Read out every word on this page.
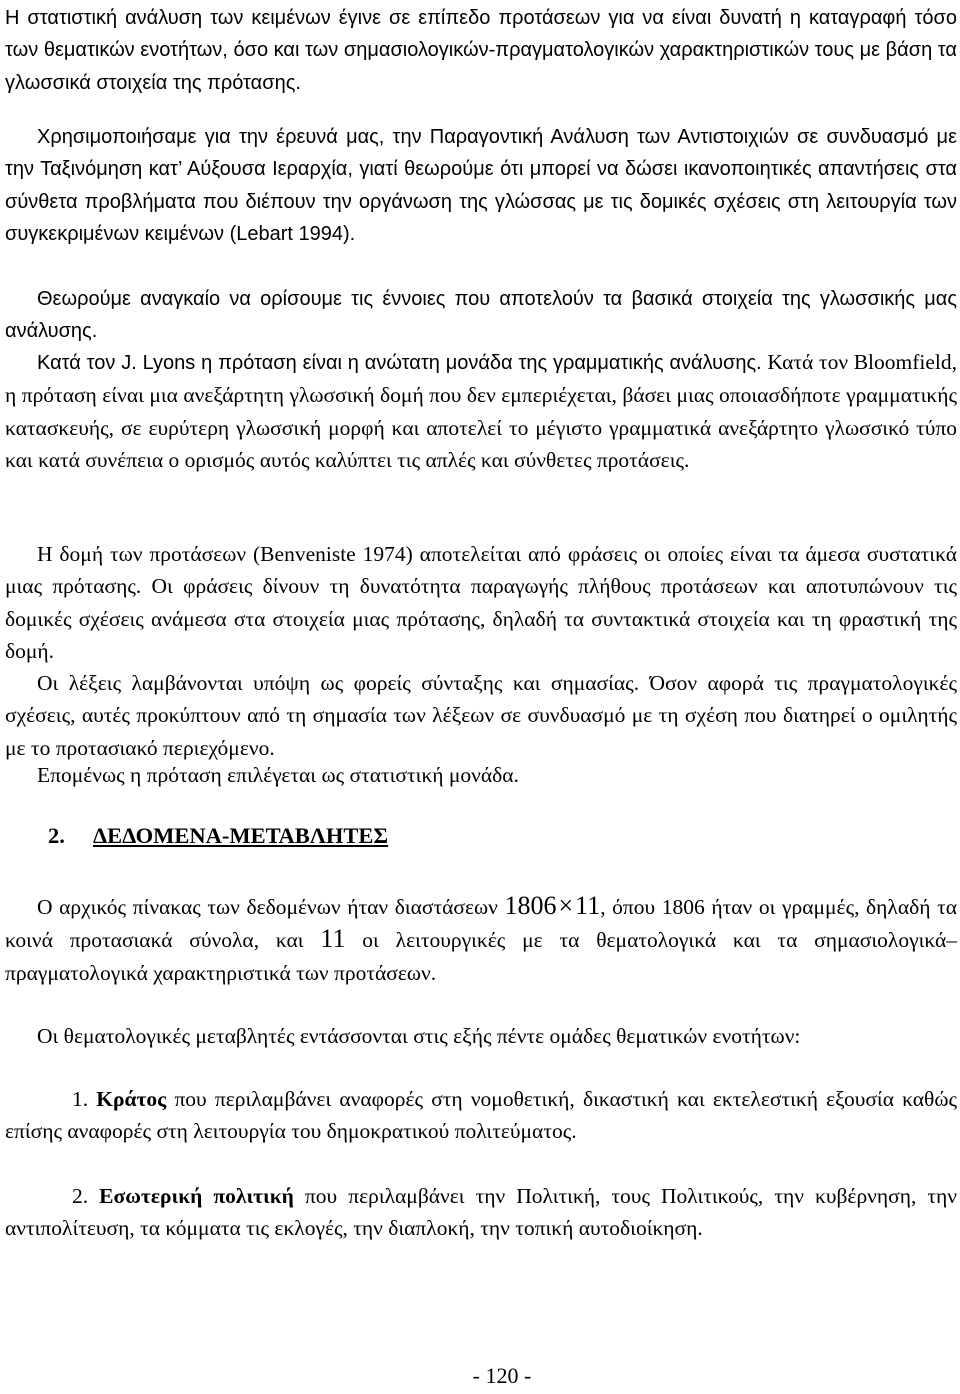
Η στατιστική ανάλυση των κειμένων έγινε σε επίπεδο προτάσεων για να είναι δυνατή η καταγραφή τόσο των θεματικών ενοτήτων, όσο και των σημασιολογικών-πραγματολογικών χαρακτηριστικών τους με βάση τα γλωσσικά στοιχεία της πρότασης.

Χρησιμοποιήσαμε για την έρευνά μας, την Παραγοντική Ανάλυση των Αντιστοιχιών σε συνδυασμό με την Ταξινόμηση κατ’ Αύξουσα Ιεραρχία, γιατί θεωρούμε ότι μπορεί να δώσει ικανοποιητικές απαντήσεις στα σύνθετα προβλήματα που διέπουν την οργάνωση της γλώσσας με τις δομικές σχέσεις στη λειτουργία των συγκεκριμένων κειμένων (Lebart 1994).

Θεωρούμε αναγκαίο να ορίσουμε τις έννοιες που αποτελούν τα βασικά στοιχεία της γλωσσικής μας ανάλυσης.

Κατά τον J. Lyons η πρόταση είναι η ανώτατη μονάδα της γραμματικής ανάλυσης. Κατά τον Bloomfield, η πρόταση είναι μια ανεξάρτητη γλωσσική δομή που δεν εμπεριέχεται, βάσει μιας οποιασδήποτε γραμματικής κατασκευής, σε ευρύτερη γλωσσική μορφή και αποτελεί το μέγιστο γραμματικά ανεξάρτητο γλωσσικό τύπο και κατά συνέπεια ο ορισμός αυτός καλύπτει τις απλές και σύνθετες προτάσεις.

Η δομή των προτάσεων (Benveniste 1974) αποτελείται από φράσεις οι οποίες είναι τα άμεσα συστατικά μιας πρότασης. Οι φράσεις δίνουν τη δυνατότητα παραγωγής πλήθους προτάσεων και αποτυπώνουν τις δομικές σχέσεις ανάμεσα στα στοιχεία μιας πρότασης, δηλαδή τα συντακτικά στοιχεία και τη φραστική της δομή.

Οι λέξεις λαμβάνονται υπόψη ως φορείς σύνταξης και σημασίας. Όσον αφορά τις πραγματολογικές σχέσεις, αυτές προκύπτουν από τη σημασία των λέξεων σε συνδυασμό με τη σχέση που διατηρεί ο ομιλητής με το προτασιακό περιεχόμενο.

Επομένως η πρόταση επιλέγεται ως στατιστική μονάδα.

2. ΔΕΔΟΜΕΝΑ-ΜΕΤΑΒΛΗΤΕΣ

Ο αρχικός πίνακας των δεδομένων ήταν διαστάσεων 1806×11, όπου 1806 ήταν οι γραμμές, δηλαδή τα κοινά προτασιακά σύνολα, και 11 οι λειτουργικές με τα θεματολογικά και τα σημασιολογικά–πραγματολογικά χαρακτηριστικά των προτάσεων.

Οι θεματολογικές μεταβλητές εντάσσονται στις εξής πέντε ομάδες θεματικών ενοτήτων:

1. Κράτος που περιλαμβάνει αναφορές στη νομοθετική, δικαστική και εκτελεστική εξουσία καθώς επίσης αναφορές στη λειτουργία του δημοκρατικού πολιτεύματος.

2. Εσωτερική πολιτική που περιλαμβάνει την Πολιτική, τους Πολιτικούς, την κυβέρνηση, την αντιπολίτευση, τα κόμματα τις εκλογές, την διαπλοκή, την τοπική αυτοδιοίκηση.

- 120 -
